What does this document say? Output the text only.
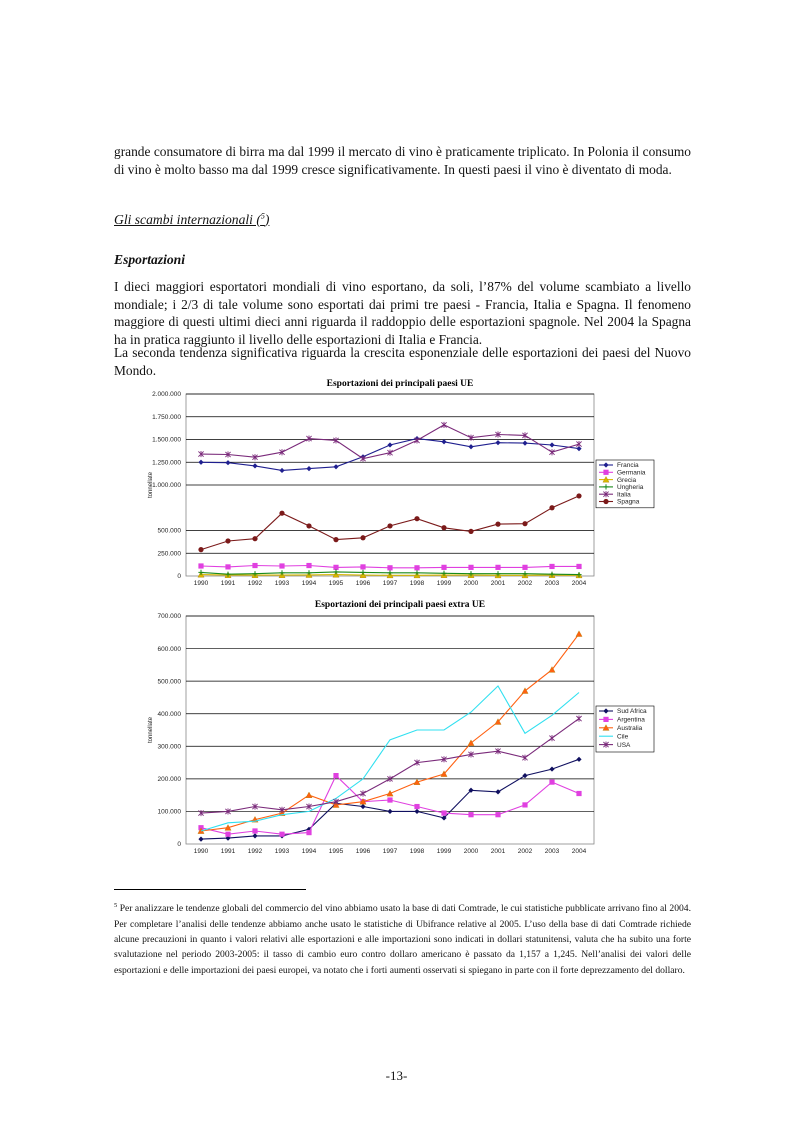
grande consumatore di birra ma dal 1999 il mercato di vino è praticamente triplicato. In Polonia il consumo di vino è molto basso ma dal 1999 cresce significativamente. In questi paesi il vino è diventato di moda.

Gli scambi internazionali ($^5$)

Esportazioni

I dieci maggiori esportatori mondiali di vino esportano, da soli, l’87% del volume scambiato a livello mondiale; i 2/3 di tale volume sono esportati dai primi tre paesi - Francia, Italia e Spagna. Il fenomeno maggiore di questi ultimi dieci anni riguarda il raddoppio delle esportazioni spagnole. Nel 2004 la Spagna ha in pratica raggiunto il livello delle esportazioni di Italia e Francia.

La seconda tendenza significativa riguarda la crescita esponenziale delle esportazioni dei paesi del Nuovo Mondo.

Esportazioni dei principali paesi UE
0
250.000
500.000
1.000.000
1.250.000
1.500.000
1.750.000
2.000.000
1990 1991 1992 1993 1994 1995 1996 1997 1998 1999 2000 2001 2002 2003 2004
tonnellate
Francia
Germania
Grecia
Ungheria
Italia
Spagna
Esportazioni dei principali paesi extra UE
0
100.000
200.000
300.000
400.000
500.000
600.000
700.000
1990 1991 1992 1993 1994 1995 1996 1997 1998 1999 2000 2001 2002 2003 2004
tonnellate
Sud Africa
Argentina
Australia
Cile
USA

$^5$ Per analizzare le tendenze globali del commercio del vino abbiamo usato la base di dati Comtrade, le cui statistiche pubblicate arrivano fino al 2004. Per completare l’analisi delle tendenze abbiamo anche usato le statistiche di Ubifrance relative al 2005. L’uso della base di dati Comtrade richiede alcune precauzioni in quanto i valori relativi alle esportazioni e alle importazioni sono indicati in dollari statunitensi, valuta che ha subito una forte svalutazione nel periodo 2003-2005: il tasso di cambio euro contro dollaro americano è passato da 1,157 a 1,245. Nell’analisi dei valori delle esportazioni e delle importazioni dei paesi europei, va notato che i forti aumenti osservati si spiegano in parte con il forte deprezzamento del dollaro.

-13-
